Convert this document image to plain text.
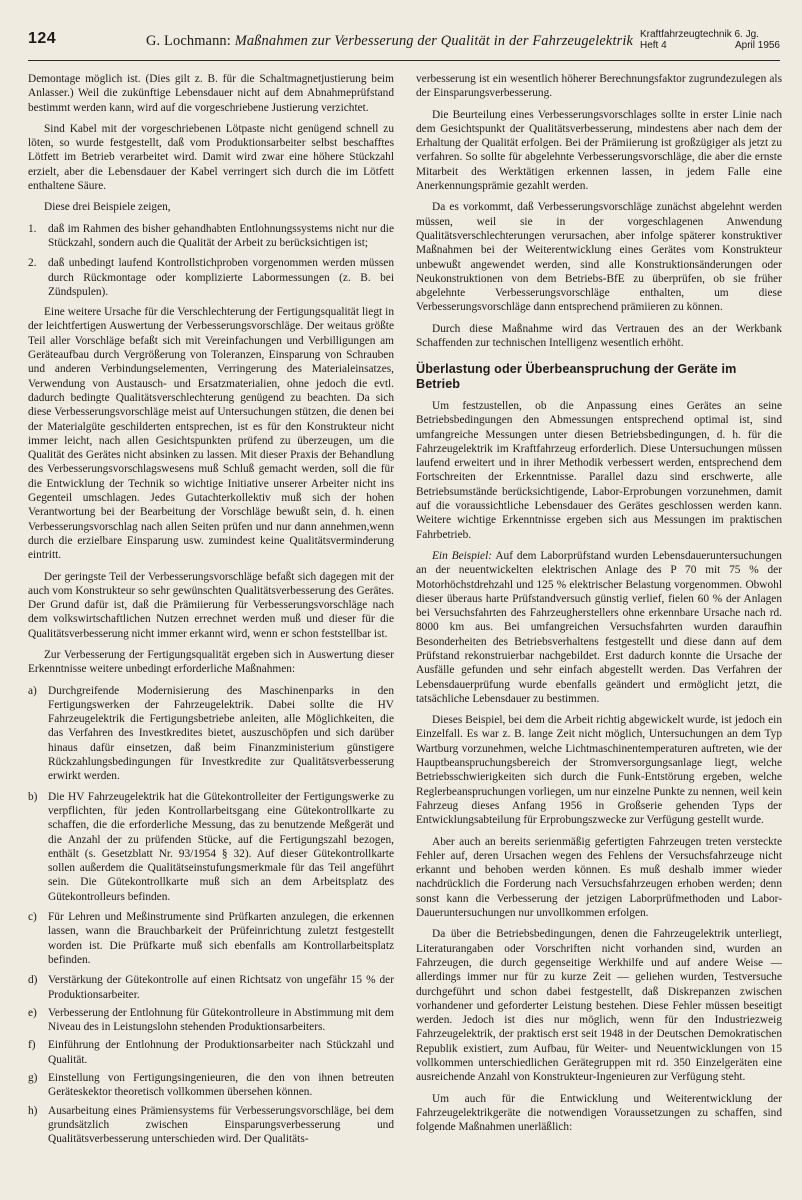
124	G. Lochmann: Maßnahmen zur Verbesserung der Qualität in der Fahrzeugelektrik Kraftfahrzeugtechnik 6. Jg.
Heft 4	April 1956

Demontage möglich ist. (Dies gilt z. B. für die Schaltmagnetjustierung beim Anlasser.) Weil die zukünftige Lebensdauer nicht auf dem Abnahmeprüfstand bestimmt werden kann, wird auf die vorgeschriebene Justierung verzichtet.

Sind Kabel mit der vorgeschriebenen Lötpaste nicht genügend schnell zu löten, so wurde festgestellt, daß vom Produktionsarbeiter selbst beschafftes Lötfett im Betrieb verarbeitet wird. Damit wird zwar eine höhere Stückzahl erzielt, aber die Lebensdauer der Kabel verringert sich durch die im Lötfett enthaltene Säure.

Diese drei Beispiele zeigen,

1.	daß im Rahmen des bisher gehandhabten Entlohnungssystems nicht nur die Stückzahl, sondern auch die Qualität der Arbeit zu berücksichtigen ist;
2.	daß unbedingt laufend Kontrollstichproben vorgenommen werden müssen durch Rückmontage oder komplizierte Labormessungen (z. B. bei Zündspulen).

Eine weitere Ursache für die Verschlechterung der Fertigungsqualität liegt in der leichtfertigen Auswertung der Verbesserungsvorschläge. Der weitaus größte Teil aller Vorschläge befaßt sich mit Vereinfachungen und Verbilligungen am Geräteaufbau durch Vergrößerung von Toleranzen, Einsparung von Schrauben und anderen Verbindungselementen, Verringerung des Materialeinsatzes, Verwendung von Austausch- und Ersatzmaterialien, ohne jedoch die evtl. dadurch bedingte Qualitätsverschlechterung genügend zu beachten. Da sich diese Verbesserungsvorschläge meist auf Untersuchungen stützen, die denen bei der Materialgüte geschilderten entsprechen, ist es für den Konstrukteur nicht immer leicht, nach allen Gesichtspunkten prüfend zu überzeugen, um die Qualität des Gerätes nicht absinken zu lassen. Mit dieser Praxis der Behandlung des Verbesserungsvorschlagswesens muß Schluß gemacht werden, soll die für die Entwicklung der Technik so wichtige Initiative unserer Arbeiter nicht ins Gegenteil umschlagen. Jedes Gutachterkollektiv muß sich der hohen Verantwortung bei der Bearbeitung der Vorschläge bewußt sein, d. h. einen Verbesserungsvorschlag nach allen Seiten prüfen und nur dann annehmen,wenn durch die erzielbare Einsparung usw. zumindest keine Qualitätsverminderung eintritt.

Der geringste Teil der Verbesserungsvorschläge befaßt sich dagegen mit der auch vom Konstrukteur so sehr gewünschten Qualitätsverbesserung des Gerätes. Der Grund dafür ist, daß die Prämiierung für Verbesserungsvorschläge nach dem volkswirtschaftlichen Nutzen errechnet werden muß und dieser für die Qualitätsverbesserung nicht immer erkannt wird, wenn er schon feststellbar ist.

Zur Verbesserung der Fertigungsqualität ergeben sich in Auswertung dieser Erkenntnisse weitere unbedingt erforderliche Maßnahmen:

a) Durchgreifende Modernisierung des Maschinenparks in den Fertigungswerken der Fahrzeugelektrik. Dabei sollte die HV Fahrzeugelektrik die Fertigungsbetriebe anleiten, alle Möglichkeiten, die das Verfahren des Investkredites bietet, auszuschöpfen und sich darüber hinaus dafür einsetzen, daß beim Finanzministerium günstigere Rückzahlungsbedingungen für Investkredite zur Qualitätsverbesserung erwirkt werden.
b) Die HV Fahrzeugelektrik hat die Gütekontrolleiter der Fertigungswerke zu verpflichten, für jeden Kontrollarbeitsgang eine Gütekontrollkarte zu schaffen, die die erforderliche Messung, das zu benutzende Meßgerät und die Anzahl der zu prüfenden Stücke, auf die Fertigungszahl bezogen, enthält (s. Gesetzblatt Nr. 93/1954 § 32). Auf dieser Gütekontrollkarte sollen außerdem die Qualitätseinstufungsmerkmale für das Teil angeführt sein. Die Gütekontrollkarte muß sich an dem Arbeitsplatz des Gütekontrolleurs befinden.
c) Für Lehren und Meßinstrumente sind Prüfkarten anzulegen, die erkennen lassen, wann die Brauchbarkeit der Prüfeinrichtung zuletzt festgestellt worden ist. Die Prüfkarte muß sich ebenfalls am Kontrollarbeitsplatz befinden.
d) Verstärkung der Gütekontrolle auf einen Richtsatz von ungefähr 15 % der Produktionsarbeiter.
e) Verbesserung der Entlohnung für Gütekontrolleure in Abstimmung mit dem Niveau des in Leistungslohn stehenden Produktionsarbeiters.
f)	Einführung der Entlohnung der Produktionsarbeiter nach Stückzahl und Qualität.
g) Einstellung von Fertigungsingenieuren, die den von ihnen betreuten Geräteskektor theoretisch vollkommen übersehen können.
h) Ausarbeitung eines Prämiensystems für Verbesserungsvorschläge, bei dem grundsätzlich zwischen Einsparungsverbesserung und Qualitätsverbesserung unterschieden wird. Der Qualitäts-

verbesserung ist ein wesentlich höherer Berechnungsfaktor zugrundezulegen als der Einsparungsverbesserung.

Die Beurteilung eines Verbesserungsvorschlages sollte in erster Linie nach dem Gesichtspunkt der Qualitätsverbesserung, mindestens aber nach dem der Erhaltung der Qualität erfolgen. Bei der Prämiierung ist großzügiger als jetzt zu verfahren. So sollte für abgelehnte Verbesserungsvorschläge, die aber die ernste Mitarbeit des Werktätigen erkennen lassen, in jedem Falle eine Anerkennungsprämie gezahlt werden.

Da es vorkommt, daß Verbesserungsvorschläge zunächst abgelehnt werden müssen, weil sie in der vorgeschlagenen Anwendung Qualitätsverschlechterungen verursachen, aber infolge späterer konstruktiver Maßnahmen bei der Weiterentwicklung eines Gerätes vom Konstrukteur unbewußt angewendet werden, sind alle Konstruktionsänderungen oder Neukonstruktionen von dem Betriebs-BfE zu überprüfen, ob sie früher abgelehnte Verbesserungsvorschläge enthalten, um diese Verbesserungsvorschläge dann entsprechend prämiieren zu können.

Durch diese Maßnahme wird das Vertrauen des an der Werkbank Schaffenden zur technischen Intelligenz wesentlich erhöht.

Überlastung oder Überbeanspruchung der Geräte im Betrieb

Um festzustellen, ob die Anpassung eines Gerätes an seine Betriebsbedingungen den Abmessungen entsprechend optimal ist, sind umfangreiche Messungen unter diesen Betriebsbedingungen, d. h. für die Fahrzeugelektrik im Kraftfahrzeug erforderlich. Diese Untersuchungen müssen laufend erweitert und in ihrer Methodik verbessert werden, entsprechend dem Fortschreiten der Erkenntnisse. Parallel dazu sind erschwerte, alle Betriebsumstände berücksichtigende, Labor-Erprobungen vorzunehmen, damit auf die voraussichtliche Lebensdauer des Gerätes geschlossen werden kann. Weitere wichtige Erkenntnisse ergeben sich aus Messungen im praktischen Fahrbetrieb.

Ein Beispiel: Auf dem Laborprüfstand wurden Lebensdaueruntersuchungen an der neuentwickelten elektrischen Anlage des P 70 mit 75 % der Motorhöchstdrehzahl und 125 % elektrischer Belastung vorgenommen. Obwohl dieser überaus harte Prüfstandversuch günstig verlief, fielen 60 % der Anlagen bei Versuchsfahrten des Fahrzeugherstellers ohne erkennbare Ursache nach rd. 8000 km aus. Bei umfangreichen Versuchsfahrten wurden daraufhin Besonderheiten des Betriebsverhaltens festgestellt und diese dann auf dem Prüfstand rekonstruierbar nachgebildet. Erst dadurch konnte die Ursache der Ausfälle gefunden und sehr einfach abgestellt werden. Das Verfahren der Lebensdauerprüfung wurde ebenfalls geändert und ermöglicht jetzt, die tatsächliche Lebensdauer zu bestimmen.

Dieses Beispiel, bei dem die Arbeit richtig abgewickelt wurde, ist jedoch ein Einzelfall. Es war z. B. lange Zeit nicht möglich, Untersuchungen an dem Typ Wartburg vorzunehmen, welche Lichtmaschinentemperaturen auftreten, wie der Hauptbeanspruchungsbereich der Stromversorgungsanlage liegt, welche Betriebsschwierigkeiten sich durch die Funk-Entstörung ergeben, welche Reglerbeanspruchungen vorliegen, um nur einzelne Punkte zu nennen, weil kein Fahrzeug dieses Anfang 1956 in Großserie gehenden Typs der Entwicklungsabteilung für Erprobungszwecke zur Verfügung gestellt wurde.

Aber auch an bereits serienmäßig gefertigten Fahrzeugen treten versteckte Fehler auf, deren Ursachen wegen des Fehlens der Versuchsfahrzeuge nicht erkannt und behoben werden können. Es muß deshalb immer wieder nachdrücklich die Forderung nach Versuchsfahrzeugen erhoben werden; denn sonst kann die Verbesserung der jetzigen Laborprüfmethoden und Labor-Daueruntersuchungen nur unvollkommen erfolgen.

Da über die Betriebsbedingungen, denen die Fahrzeugelektrik unterliegt, Literaturangaben oder Vorschriften nicht vorhanden sind, wurden an Fahrzeugen, die durch gegenseitige Werkhilfe und auf andere Weise — allerdings immer nur für zu kurze Zeit — geliehen wurden, Testversuche durchgeführt und schon dabei festgestellt, daß Diskrepanzen zwischen vorhandener und geforderter Leistung bestehen. Diese Fehler müssen beseitigt werden. Jedoch ist dies nur möglich, wenn für den Industriezweig Fahrzeugelektrik, der praktisch erst seit 1948 in der Deutschen Demokratischen Republik existiert, zum Aufbau, für Weiter- und Neuentwicklungen von 15 vollkommen unterschiedlichen Gerätegruppen mit rd. 350 Einzelgeräten eine ausreichende Anzahl von Konstrukteur-Ingenieuren zur Verfügung steht.

Um auch für die Entwicklung und Weiterentwicklung der Fahrzeugelektrikgeräte die notwendigen Voraussetzungen zu schaffen, sind folgende Maßnahmen unerläßlich:
